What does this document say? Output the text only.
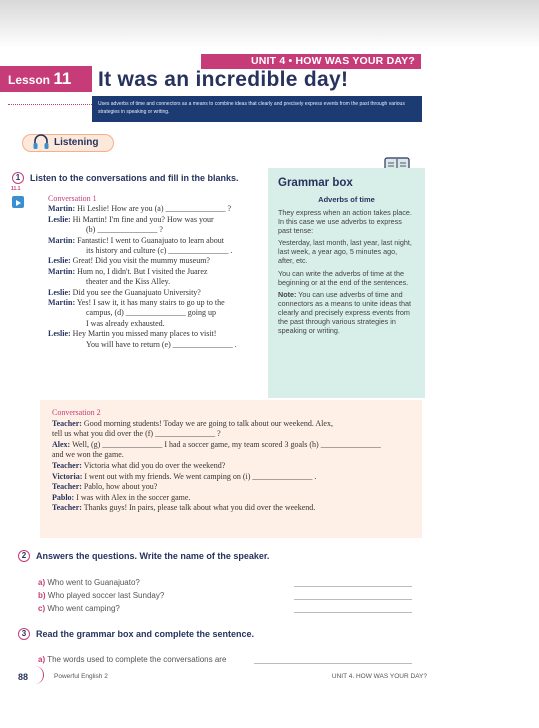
UNIT 4 • HOW WAS YOUR DAY?
Lesson 11	It was an incredible day!
Uses adverbs of time and connectors as a means to combine ideas that clearly and precisely express events from the past through various strategies in speaking or writing.
Listening
1	Listen to the conversations and fill in the blanks.
11.1
Conversation 1
Martin: Hi Leslie! How are you (a) _______________ ?
Leslie: Hi Martin! I'm fine and you? How was your
(b) _______________ ?
Martin: Fantastic! I went to Guanajuato to learn about
its history and culture (c) _______________ .
Leslie: Great! Did you visit the mummy museum?
Martin: Hum no, I didn't. But I visited the Juarez
theater and the Kiss Alley.
Leslie: Did you see the Guanajuato University?
Martin: Yes! I saw it, it has many stairs to go up to the
campus, (d) _______________ going up
I was already exhausted.
Leslie: Hey Martin you missed many places to visit!
You will have to return (e) _______________ .
Grammar box
Adverbs of time

They express when an action takes place. In this case we use adverbs to express past tense:

Yesterday, last month, last year, last night, last week, a year ago, 5 minutes ago, after, etc.

You can write the adverbs of time at the beginning or at the end of the sentences.

Note: You can use adverbs of time and connectors as a means to unite ideas that clearly and precisely express events from the past through various strategies in speaking or writing.

Conversation 2
Teacher: Good morning students! Today we are going to talk about our weekend. Alex,
tell us what you did over the (f) _______________ ?
Alex: Well, (g) _______________ I had a soccer game, my team scored 3 goals (h) _______________
and we won the game.
Teacher: Victoria what did you do over the weekend?
Victoria: I went out with my friends. We went camping on (i) _______________ .
Teacher: Pablo, how about you?
Pablo: I was with Alex in the soccer game.
Teacher: Thanks guys! In pairs, please talk about what you did over the weekend.
2	Answers the questions. Write the name of the speaker.
a) Who went to Guanajuato?
b) Who played soccer last Sunday?
c) Who went camping?
3	Read the grammar box and complete the sentence.
a) The words used to complete the conversations are
88	Powerful English 2	UNIT 4. HOW WAS YOUR DAY?
